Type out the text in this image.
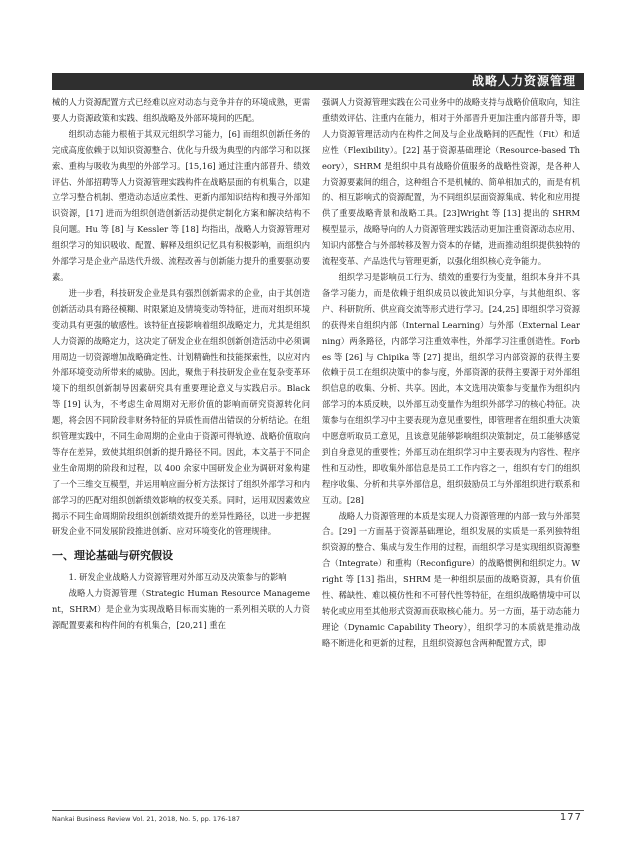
战略人力资源管理

械的人力资源配置方式已经难以应对动态与竞争并存的环境成熟，更需要人力资源政策和实践、组织战略及外部环境间的匹配。

组织动态能力根植于其双元组织学习能力，[6] 而组织创新任务的完成高度依赖于以知识资源整合、优化与升级为典型的内部学习和以探索、重构与吸收为典型的外部学习。[15,16] 通过注重内部晋升、绩效评估、外部招聘等人力资源管理实践构件在战略层面的有机集合，以建立学习整合机制、塑造动态适应柔性、更新内部知识结构和搜寻外部知识资源，[17] 进而为组织创造创新活动提供定制化方案和解决结构不良问题。Hu 等 [8] 与 Kessler 等 [18] 均指出，战略人力资源管理对组织学习的知识吸收、配置、解释及组织记忆具有积极影响，而组织内外部学习是企业产品迭代升级、流程改善与创新能力提升的重要驱动要素。

进一步看，科技研发企业是具有强烈创新需求的企业，由于其创造创新活动具有路径模糊、时限紧迫及情境变动等特征，进而对组织环境变动具有更强的敏感性。该特征直接影响着组织战略定力，尤其是组织人力资源的战略定力，这决定了研发企业在组织创新创造活动中必须调用周边一切资源增加战略确定性、计划精确性和技能探索性，以应对内外部环境变动所带来的威胁。因此，聚焦于科技研发企业在复杂变革环境下的组织创新制导因素研究具有重要理论意义与实践启示。Black 等 [19] 认为，不考虑生命周期对无形价值的影响而研究资源转化问题，将会因不同阶段非财务特征的异质性而借出错误的分析结论。在组织管理实践中，不同生命周期的企业由于资源可得轨迹、战略价值取向等存在差异，致使其组织创新的提升路径不同。因此，本文基于不同企业生命周期的阶段和过程，以 400 余家中国研发企业为调研对象构建了一个三维交互模型，并运用响应面分析方法探讨了组织外部学习和内部学习的匹配对组织创新绩效影响的权变关系。同时，运用双因素效应揭示不同生命周期阶段组织创新绩效提升的差异性路径，以进一步把握研发企业不同发展阶段推进创新、应对环境变化的管理规律。

一、理论基础与研究假设

1. 研发企业战略人力资源管理对外部互动及决策参与的影响

战略人力资源管理（Strategic Human Resource Management，SHRM）是企业为实现战略目标而实施的一系列相关联的人力资源配置要素和构件间的有机集合，[20,21] 重在

强调人力资源管理实践在公司业务中的战略支持与战略价值取向，知注重绩效评估、注重内在能力，相对于外部晋升更加注重内部晋升等，即人力资源管理活动内在构件之间及与企业战略间的匹配性（Fit）和适应性（Flexibility）。[22] 基于资源基础理论（Resource-based Theory），SHRM 是组织中具有战略价值服务的战略性资源，是各种人力资源要素间的组合，这种组合不是机械的、简单相加式的，而是有机的、相互影响式的资源配置，为不同组织层面资源集成、转化和应用提供了重要战略背景和战略工具。[23]Wright 等 [13] 提出的 SHRM 模型显示，战略导向的人力资源管理实践活动更加注重资源动态应用、知识内部整合与外部转移及智力资本的存储，进而推动组织提供独特的流程变革、产品迭代与管理更新，以强化组织核心竞争能力。

组织学习是影响员工行为、绩效的重要行为变量，组织本身并不具备学习能力，而是依赖于组织成员以彼此知识分享，与其他组织、客户、科研院所、供应商交流等形式进行学习。[24,25] 即组织学习资源的获得来自组织内部（Internal Learning）与外部（External Learning）两条路径，内部学习注重效率性，外部学习注重创造性。Forbes 等 [26] 与 Chipika 等 [27] 提出，组织学习内部资源的获得主要依赖于员工在组织决策中的参与度，外部资源的获得主要源于对外部组织信息的收集、分析、共享。因此，本文选用决策参与变量作为组织内部学习的本质反映，以外部互动变量作为组织外部学习的核心特征。决策参与在组织学习中主要表现为意见重要性，即管理者在组织重大决策中愿意听取员工意见，且该意见能够影响组织决策制定，员工能够感觉到自身意见的重要性；外部互动在组织学习中主要表现为内容性、程序性和互动性，即收集外部信息是员工工作内容之一，组织有专门的组织程序收集、分析和共享外部信息，组织鼓励员工与外部组织进行联系和互动。[28]

战略人力资源管理的本质是实现人力资源管理的内部一致与外部契合。[29] 一方面基于资源基础理论，组织发展的实质是一系列独特组织资源的整合、集成与发生作用的过程，而组织学习是实现组织资源整合（Integrate）和重构（Reconfigure）的战略惯例和组织定力。Wright 等 [13] 指出，SHRM 是一种组织层面的战略资源，具有价值性、稀缺性、难以模仿性和不可替代性等特征，在组织战略情境中可以转化或应用至其他形式资源而获取核心能力。另一方面，基于动态能力理论（Dynamic Capability Theory），组织学习的本质就是推动战略不断进化和更新的过程，且组织资源包含两种配置方式，即

Nankai Business Review Vol. 21, 2018, No. 5, pp. 176-187	177
